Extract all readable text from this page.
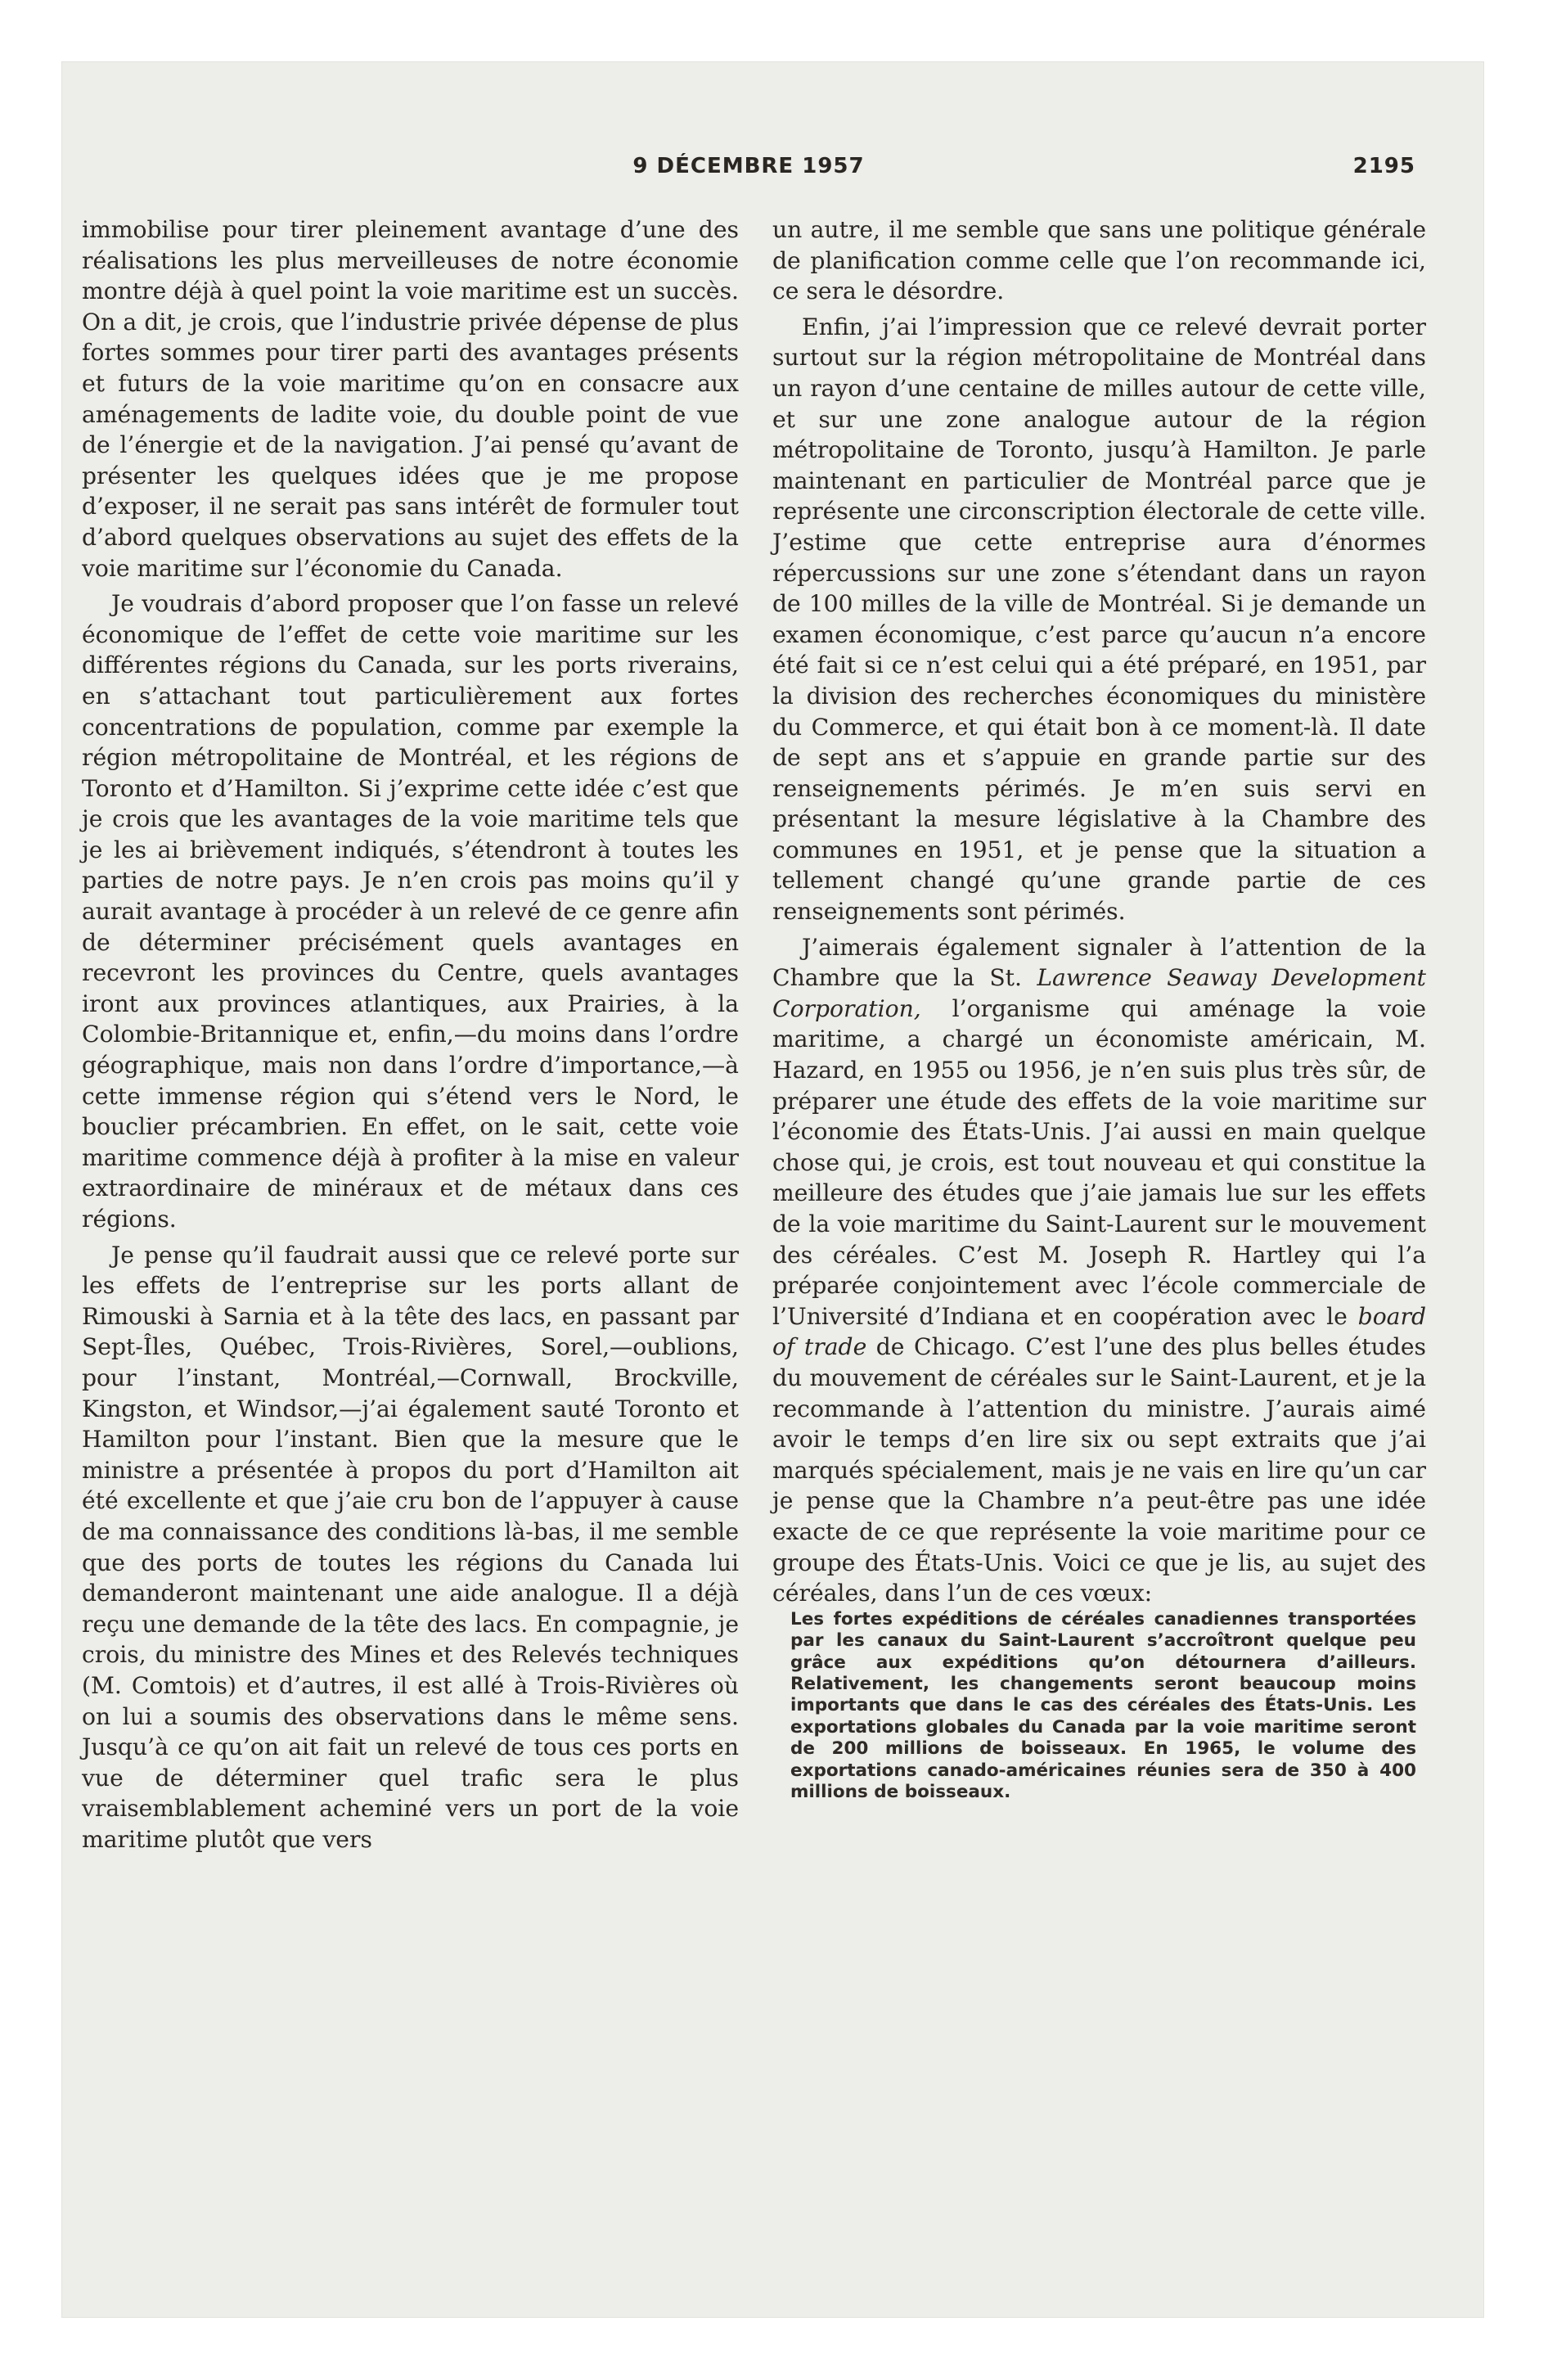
9 DÉCEMBRE 1957	2195

immobilise pour tirer pleinement avantage d’une des réalisations les plus merveilleuses de notre économie montre déjà à quel point la voie maritime est un succès. On a dit, je crois, que l’industrie privée dépense de plus fortes sommes pour tirer parti des avantages présents et futurs de la voie maritime qu’on en consacre aux aménagements de ladite voie, du double point de vue de l’énergie et de la navigation. J’ai pensé qu’avant de présenter les quelques idées que je me propose d’exposer, il ne serait pas sans intérêt de formuler tout d’abord quelques observations au sujet des effets de la voie maritime sur l’économie du Canada.

Je voudrais d’abord proposer que l’on fasse un relevé économique de l’effet de cette voie maritime sur les différentes régions du Canada, sur les ports riverains, en s’attachant tout particulièrement aux fortes concentrations de population, comme par exemple la région métropolitaine de Montréal, et les régions de Toronto et d’Hamilton. Si j’exprime cette idée c’est que je crois que les avantages de la voie maritime tels que je les ai brièvement indiqués, s’étendront à toutes les parties de notre pays. Je n’en crois pas moins qu’il y aurait avantage à procéder à un relevé de ce genre afin de déterminer précisément quels avantages en recevront les provinces du Centre, quels avantages iront aux provinces atlantiques, aux Prairies, à la Colombie-Britannique et, enfin,—du moins dans l’ordre géographique, mais non dans l’ordre d’importance,—à cette immense région qui s’étend vers le Nord, le bouclier précambrien. En effet, on le sait, cette voie maritime commence déjà à profiter à la mise en valeur extraordinaire de minéraux et de métaux dans ces régions.

Je pense qu’il faudrait aussi que ce relevé porte sur les effets de l’entreprise sur les ports allant de Rimouski à Sarnia et à la tête des lacs, en passant par Sept-Îles, Québec, Trois-Rivières, Sorel,—oublions, pour l’instant, Montréal,—Cornwall, Brockville, Kingston, et Windsor,—j’ai également sauté Toronto et Hamilton pour l’instant. Bien que la mesure que le ministre a présentée à propos du port d’Hamilton ait été excellente et que j’aie cru bon de l’appuyer à cause de ma connaissance des conditions là-bas, il me semble que des ports de toutes les régions du Canada lui demanderont maintenant une aide analogue. Il a déjà reçu une demande de la tête des lacs. En compagnie, je crois, du ministre des Mines et des Relevés techniques (M. Comtois) et d’autres, il est allé à Trois-Rivières où on lui a soumis des observations dans le même sens. Jusqu’à ce qu’on ait fait un relevé de tous ces ports en vue de déterminer quel trafic sera le plus vraisemblablement acheminé vers un port de la voie maritime plutôt que vers

un autre, il me semble que sans une politique générale de planification comme celle que l’on recommande ici, ce sera le désordre.

Enfin, j’ai l’impression que ce relevé devrait porter surtout sur la région métropolitaine de Montréal dans un rayon d’une centaine de milles autour de cette ville, et sur une zone analogue autour de la région métropolitaine de Toronto, jusqu’à Hamilton. Je parle maintenant en particulier de Montréal parce que je représente une circonscription électorale de cette ville. J’estime que cette entreprise aura d’énormes répercussions sur une zone s’étendant dans un rayon de 100 milles de la ville de Montréal. Si je demande un examen économique, c’est parce qu’aucun n’a encore été fait si ce n’est celui qui a été préparé, en 1951, par la division des recherches économiques du ministère du Commerce, et qui était bon à ce moment-là. Il date de sept ans et s’appuie en grande partie sur des renseignements périmés. Je m’en suis servi en présentant la mesure législative à la Chambre des communes en 1951, et je pense que la situation a tellement changé qu’une grande partie de ces renseignements sont périmés.

J’aimerais également signaler à l’attention de la Chambre que la St. Lawrence Seaway Development Corporation, l’organisme qui aménage la voie maritime, a chargé un économiste américain, M. Hazard, en 1955 ou 1956, je n’en suis plus très sûr, de préparer une étude des effets de la voie maritime sur l’économie des États-Unis. J’ai aussi en main quelque chose qui, je crois, est tout nouveau et qui constitue la meilleure des études que j’aie jamais lue sur les effets de la voie maritime du Saint-Laurent sur le mouvement des céréales. C’est M. Joseph R. Hartley qui l’a préparée conjointement avec l’école commerciale de l’Université d’Indiana et en coopération avec le board of trade de Chicago. C’est l’une des plus belles études du mouvement de céréales sur le Saint-Laurent, et je la recommande à l’attention du ministre. J’aurais aimé avoir le temps d’en lire six ou sept extraits que j’ai marqués spécialement, mais je ne vais en lire qu’un car je pense que la Chambre n’a peut-être pas une idée exacte de ce que représente la voie maritime pour ce groupe des États-Unis. Voici ce que je lis, au sujet des céréales, dans l’un de ces vœux:

Les fortes expéditions de céréales canadiennes transportées par les canaux du Saint-Laurent s’accroîtront quelque peu grâce aux expéditions qu’on détournera d’ailleurs. Relativement, les changements seront beaucoup moins importants que dans le cas des céréales des États-Unis. Les exportations globales du Canada par la voie maritime seront de 200 millions de boisseaux. En 1965, le volume des exportations canado-américaines réunies sera de 350 à 400 millions de boisseaux.
